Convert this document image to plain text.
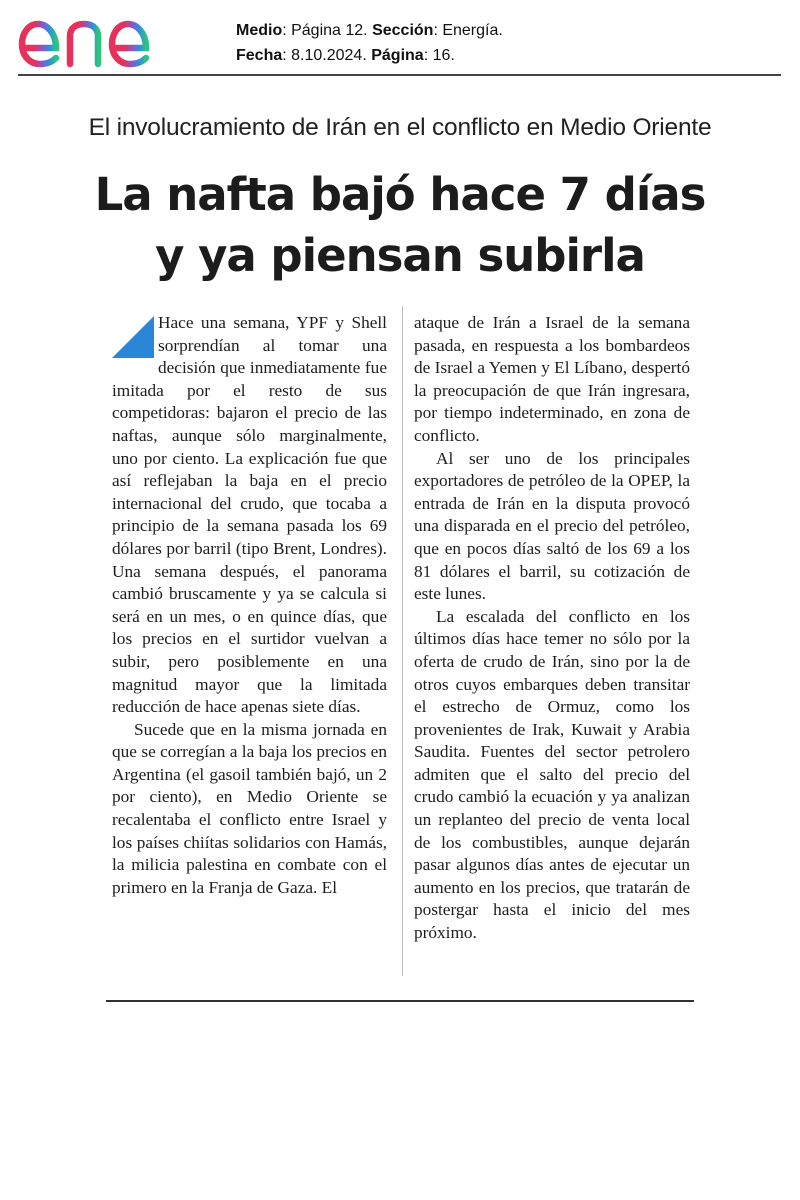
Medio: Página 12. Sección: Energía.
Fecha: 8.10.2024. Página: 16.
El involucramiento de Irán en el conflicto en Medio Oriente
La nafta bajó hace 7 días
y ya piensan subirla

Hace una semana, YPF y Shell sorprendían al tomar una decisión que inmediatamente fue imitada por el resto de sus competidoras: bajaron el precio de las naftas, aunque sólo marginalmente, uno por ciento. La explicación fue que así reflejaban la baja en el precio internacional del crudo, que tocaba a principio de la semana pasada los 69 dólares por barril (tipo Brent, Londres). Una semana después, el panorama cambió bruscamente y ya se calcula si será en un mes, o en quince días, que los precios en el surtidor vuelvan a subir, pero posiblemente en una magnitud mayor que la limitada reducción de hace apenas siete días.

Sucede que en la misma jornada en que se corregían a la baja los precios en Argentina (el gasoil también bajó, un 2 por ciento), en Medio Oriente se recalentaba el conflicto entre Israel y los países chiítas solidarios con Hamás, la milicia palestina en combate con el primero en la Franja de Gaza. El

ataque de Irán a Israel de la semana pasada, en respuesta a los bombardeos de Israel a Yemen y El Líbano, despertó la preocupación de que Irán ingresara, por tiempo indeterminado, en zona de conflicto.

Al ser uno de los principales exportadores de petróleo de la OPEP, la entrada de Irán en la disputa provocó una disparada en el precio del petróleo, que en pocos días saltó de los 69 a los 81 dólares el barril, su cotización de este lunes.

La escalada del conflicto en los últimos días hace temer no sólo por la oferta de crudo de Irán, sino por la de otros cuyos embarques deben transitar el estrecho de Ormuz, como los provenientes de Irak, Kuwait y Arabia Saudita. Fuentes del sector petrolero admiten que el salto del precio del crudo cambió la ecuación y ya analizan un replanteo del precio de venta local de los combustibles, aunque dejarán pasar algunos días antes de ejecutar un aumento en los precios, que tratarán de postergar hasta el inicio del mes próximo.
